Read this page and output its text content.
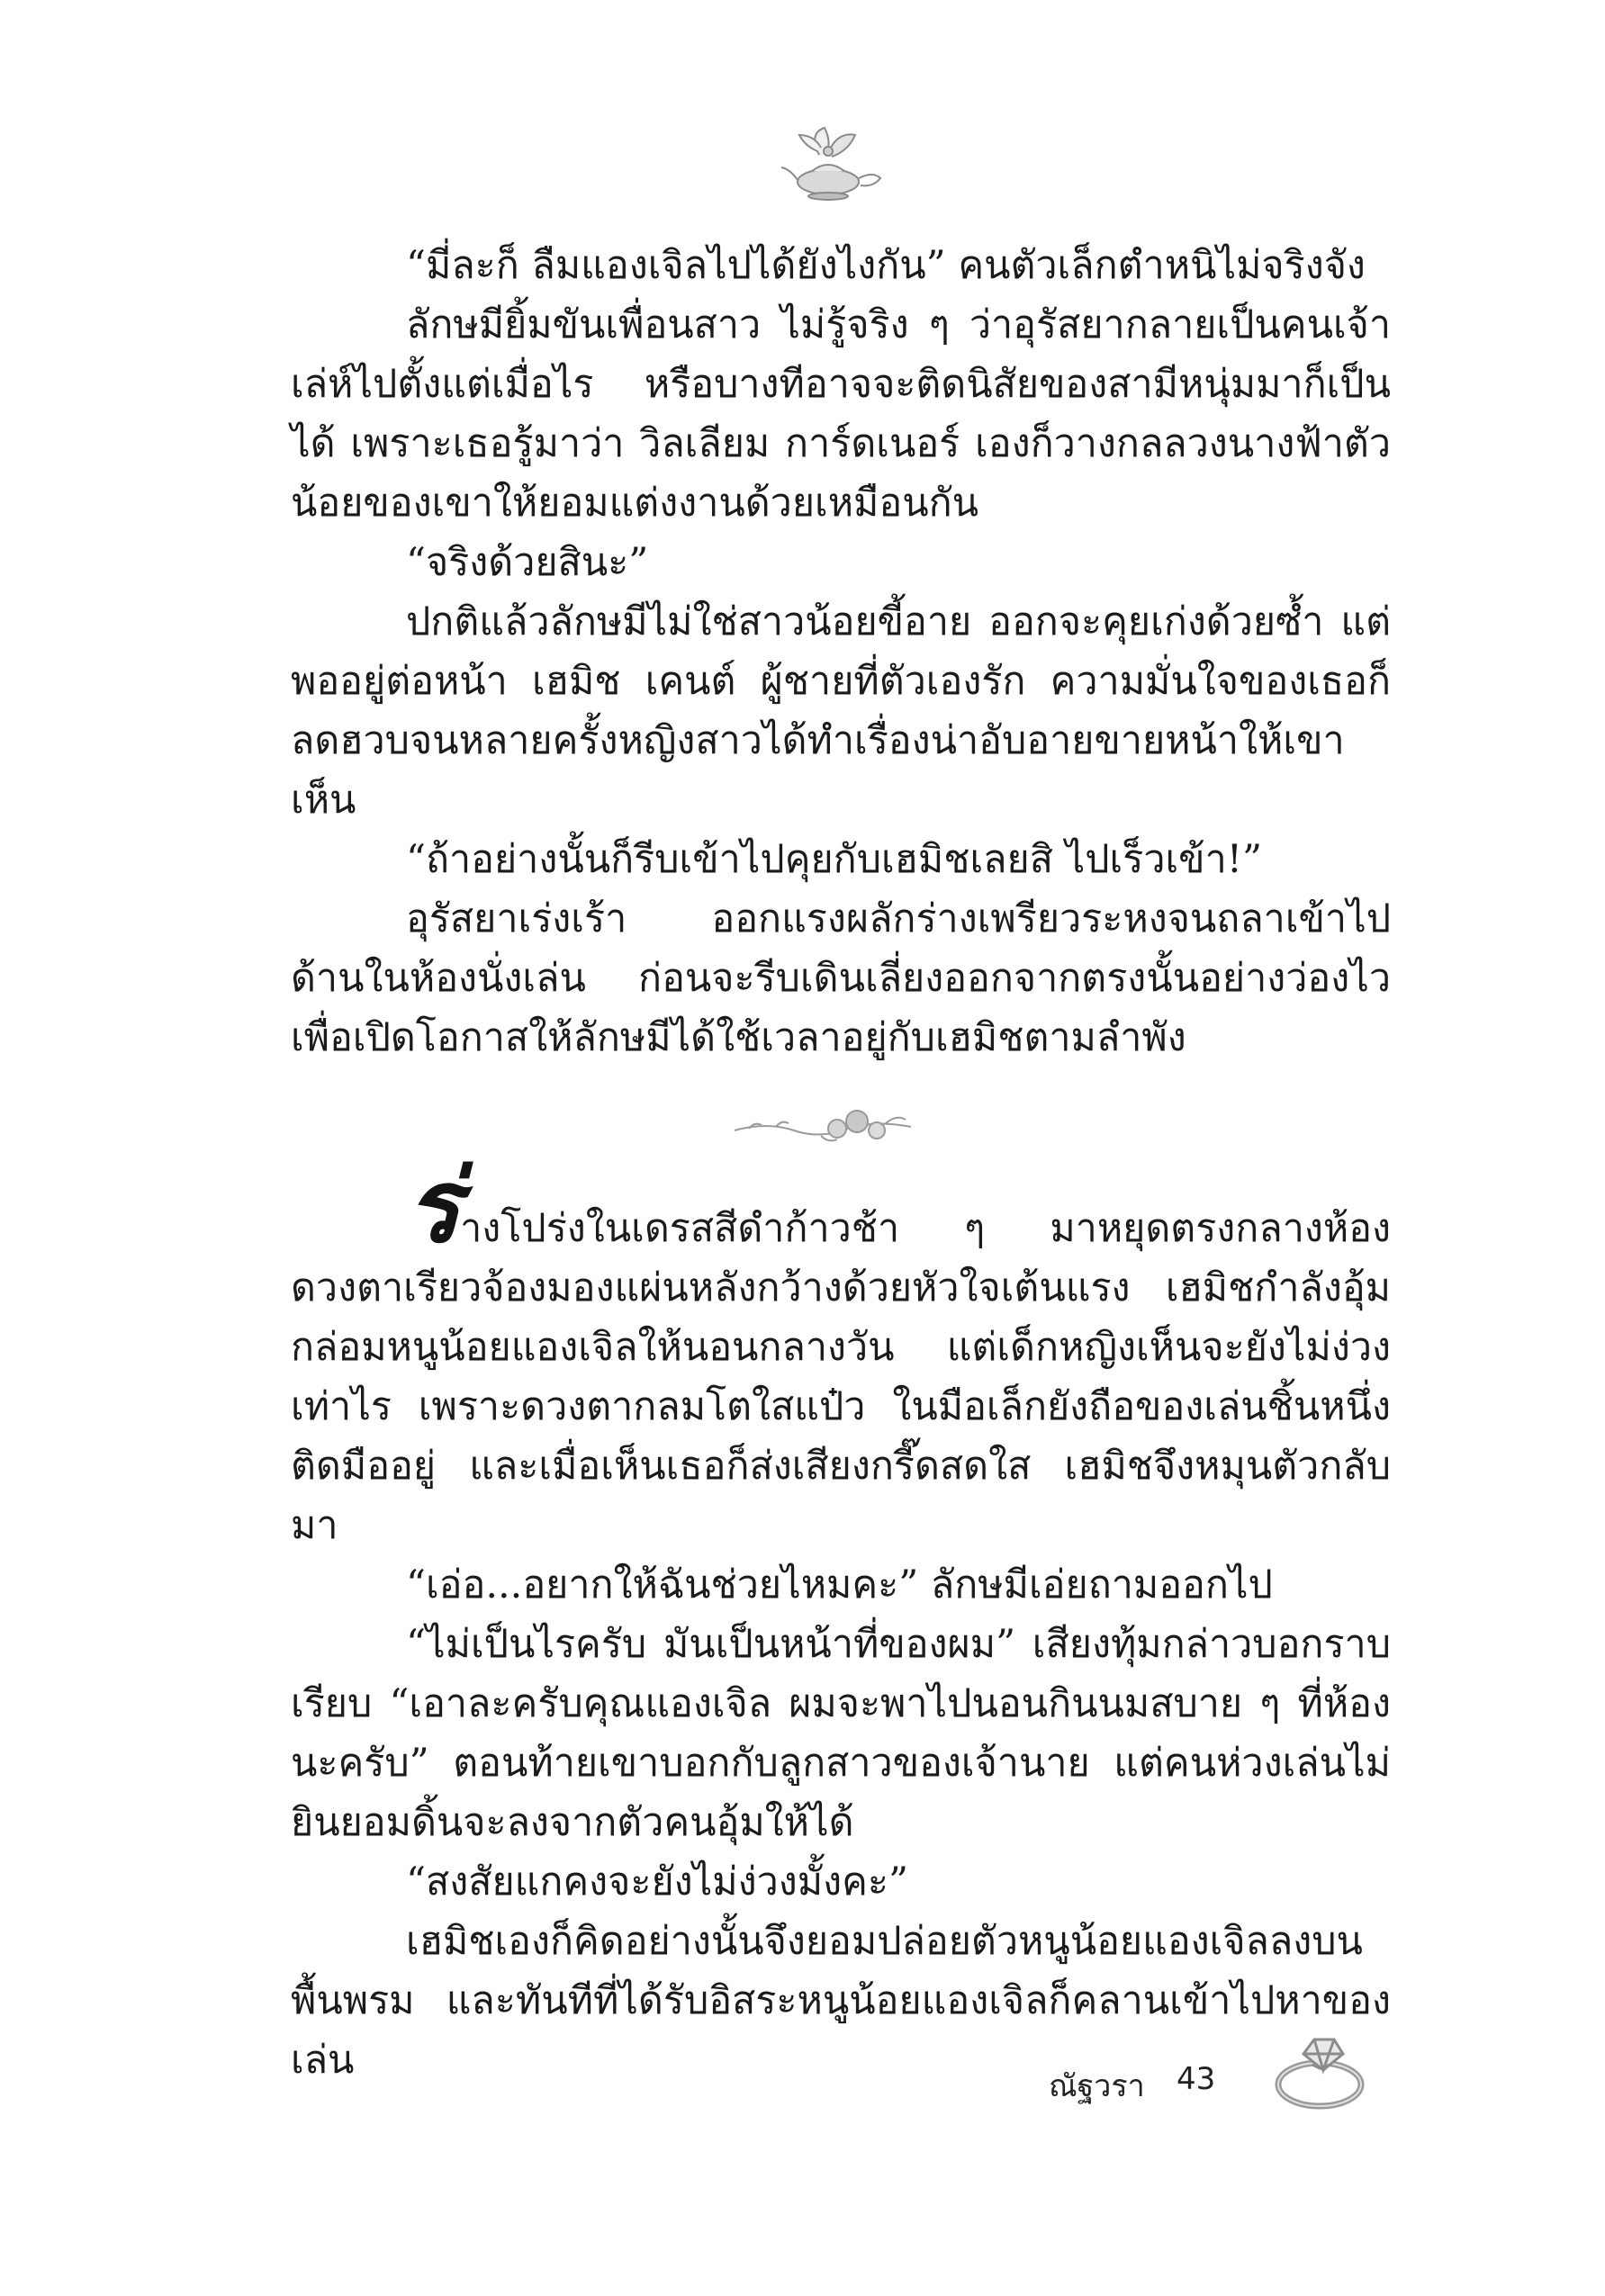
“มี่ละก็ ลืมแองเจิลไปได้ยังไงกัน” คนตัวเล็กตำหนิไม่จริงจัง

ลักษมียิ้มขันเพื่อนสาว ไม่รู้จริง ๆ ว่าอุรัสยากลายเป็นคนเจ้าเล่ห์ไปตั้งแต่เมื่อไร หรือบางทีอาจจะติดนิสัยของสามีหนุ่มมาก็เป็นได้ เพราะเธอรู้มาว่า วิลเลียม การ์ดเนอร์ เองก็วางกลลวงนางฟ้าตัวน้อยของเขาให้ยอมแต่งงานด้วยเหมือนกัน

“จริงด้วยสินะ”

ปกติแล้วลักษมีไม่ใช่สาวน้อยขี้อาย ออกจะคุยเก่งด้วยซ้ำ แต่พออยู่ต่อหน้า เฮมิช เคนต์ ผู้ชายที่ตัวเองรัก ความมั่นใจของเธอก็ลดฮวบจนหลายครั้งหญิงสาวได้ทำเรื่องน่าอับอายขายหน้าให้เขาเห็น

“ถ้าอย่างนั้นก็รีบเข้าไปคุยกับเฮมิชเลยสิ ไปเร็วเข้า!”

อุรัสยาเร่งเร้า ออกแรงผลักร่างเพรียวระหงจนถลาเข้าไปด้านในห้องนั่งเล่น ก่อนจะรีบเดินเลี่ยงออกจากตรงนั้นอย่างว่องไว เพื่อเปิดโอกาสให้ลักษมีได้ใช้เวลาอยู่กับเฮมิชตามลำพัง

ร่างโปร่งในเดรสสีดำก้าวช้า ๆ มาหยุดตรงกลางห้อง ดวงตาเรียวจ้องมองแผ่นหลังกว้างด้วยหัวใจเต้นแรง เฮมิชกำลังอุ้มกล่อมหนูน้อยแองเจิลให้นอนกลางวัน แต่เด็กหญิงเห็นจะยังไม่ง่วงเท่าไร เพราะดวงตากลมโตใสแป๋ว ในมือเล็กยังถือของเล่นชิ้นหนึ่งติดมืออยู่ และเมื่อเห็นเธอก็ส่งเสียงกรี๊ดสดใส เฮมิชจึงหมุนตัวกลับมา

“เอ่อ...อยากให้ฉันช่วยไหมคะ” ลักษมีเอ่ยถามออกไป

“ไม่เป็นไรครับ มันเป็นหน้าที่ของผม” เสียงทุ้มกล่าวบอกราบเรียบ “เอาละครับคุณแองเจิล ผมจะพาไปนอนกินนมสบาย ๆ ที่ห้องนะครับ” ตอนท้ายเขาบอกกับลูกสาวของเจ้านาย แต่คนห่วงเล่นไม่ยินยอมดิ้นจะลงจากตัวคนอุ้มให้ได้

“สงสัยแกคงจะยังไม่ง่วงมั้งคะ”

เฮมิชเองก็คิดอย่างนั้นจึงยอมปล่อยตัวหนูน้อยแองเจิลลงบนพื้นพรม และทันทีที่ได้รับอิสระหนูน้อยแองเจิลก็คลานเข้าไปหาของเล่น

ณัฐวรา 43
